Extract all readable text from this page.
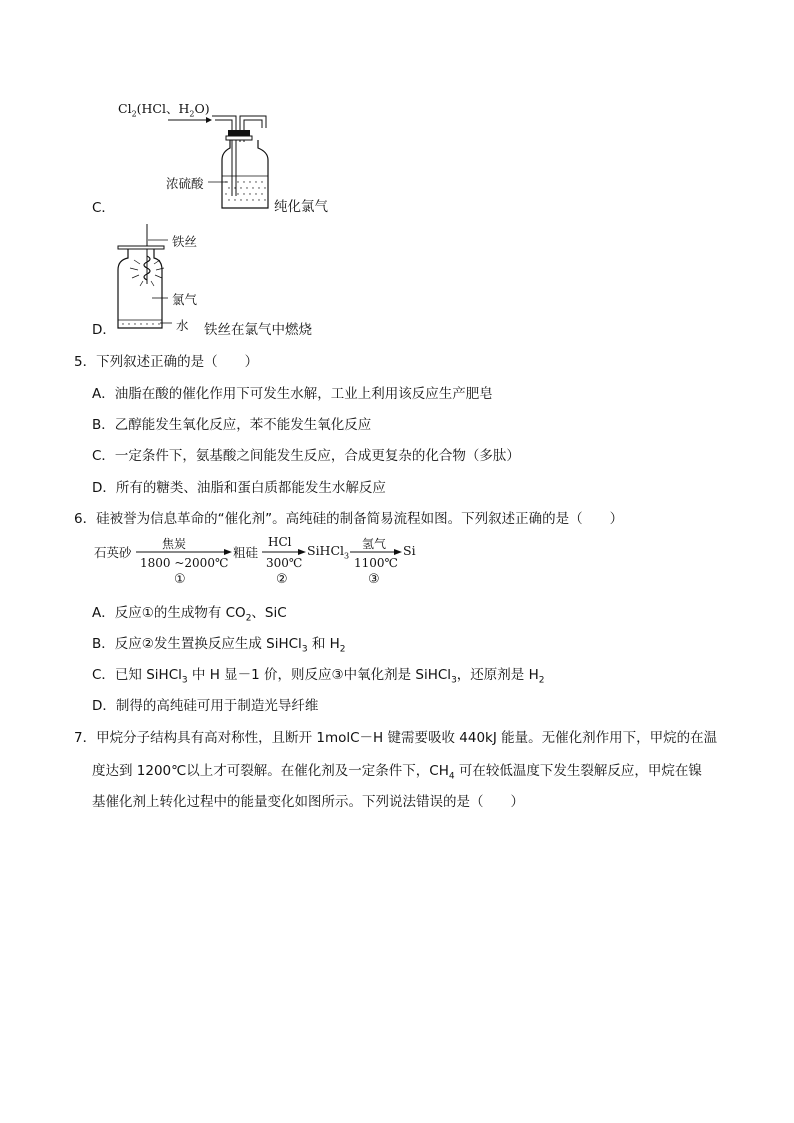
C．
$Cl_2(HCl$、$H_2O$)
浓硫酸
纯化氯气
D．
铁丝
氯气
水 铁丝在氯气中燃烧
5．下列叙述正确的是（　　）
A．油脂在酸的催化作用下可发生水解，工业上利用该反应生产肥皂
B．乙醇能发生氧化反应，苯不能发生氧化反应
C．一定条件下，氨基酸之间能发生反应，合成更复杂的化合物（多肽）
D．所有的糖类、油脂和蛋白质都能发生水解反应
6．硅被誉为信息革命的“催化剂”。高纯硅的制备简易流程如图。下列叙述正确的是（　　）
石英砂
焦炭
1800 ~2000℃
①
粗硅
HCl
300℃
②
SiHCl$_3$
氢气
1100℃
③
Si
A．反应①的生成物有 $CO_2$、SiC
B．反应②发生置换反应生成 SiHCl$_3$ 和 $H_2$
C．已知 SiHCl$_3$ 中 H 显－1 价，则反应③中氧化剂是 SiHCl$_3$，还原剂是 $H_2$
D．制得的高纯硅可用于制造光导纤维
7．甲烷分子结构具有高对称性，且断开 1molC－H 键需要吸收 440kJ 能量。无催化剂作用下，甲烷的在温
度达到 1200℃以上才可裂解。在催化剂及一定条件下，$CH_4$ 可在较低温度下发生裂解反应，甲烷在镍
基催化剂上转化过程中的能量变化如图所示。下列说法错误的是（　　）
